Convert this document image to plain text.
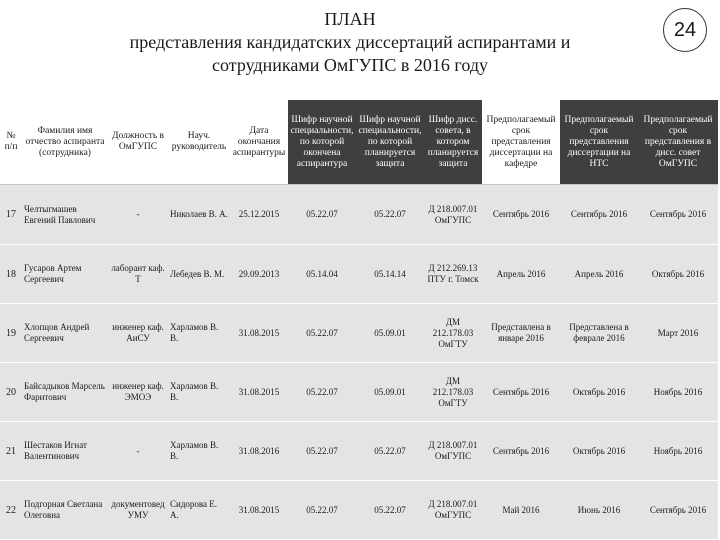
ПЛАН
представления кандидатских диссертаций аспирантами и
сотрудниками ОмГУПС в 2016 году
24
№ п/п	Фамилия имя отчество аспиранта (сотрудника)	Должность в ОмГУПС	Науч. руководитель	Дата окончания аспирантуры	Шифр научной специальности, по которой окончена аспирантура	Шифр научной специальности, по которой планируется защита	Шифр дисс. совета, в котором планируется защита	Предполагаемый срок представления диссертации на кафедре	Предполагаемый срок представления диссертации на НТС	Предполагаемый срок представления в дисс. совет ОмГУПС
17	Челтыгмашев Евгений Павлович	-	Николаев В. А.	25.12.2015	05.22.07	05.22.07	Д 218.007.01 ОмГУПС	Сентябрь 2016	Сентябрь 2016	Сентябрь 2016
18	Гусаров Артем Сергеевич	лаборант каф. Т	Лебедев В. М.	29.09.2013	05.14.04	05.14.14	Д 212.269.13 ПТУ г. Томск	Апрель 2016	Апрель 2016	Октябрь 2016
19	Хлопцов Андрей Сергеевич	инженер каф. АиСУ	Харламов В. В.	31.08.2015	05.22.07	05.09.01	ДМ 212.178.03 ОмГТУ	Представлена в январе 2016	Представлена в феврале 2016	Март 2016
20	Байсадыков Марсель Фаритович	инженер каф. ЭМОЭ	Харламов В. В.	31.08.2015	05.22.07	05.09.01	ДМ 212.178.03 ОмГТУ	Сентябрь 2016	Октябрь 2016	Ноябрь 2016
21	Шестаков Игнат Валентинович	-	Харламов В. В.	31.08.2016	05.22.07	05.22.07	Д 218.007.01 ОмГУПС	Сентябрь 2016	Октябрь 2016	Ноябрь 2016
22	Подгорная Светлана Олеговна	документовед УМУ	Сидорова Е. А.	31.08.2015	05.22.07	05.22.07	Д 218.007.01 ОмГУПС	Май 2016	Июнь 2016	Сентябрь 2016
